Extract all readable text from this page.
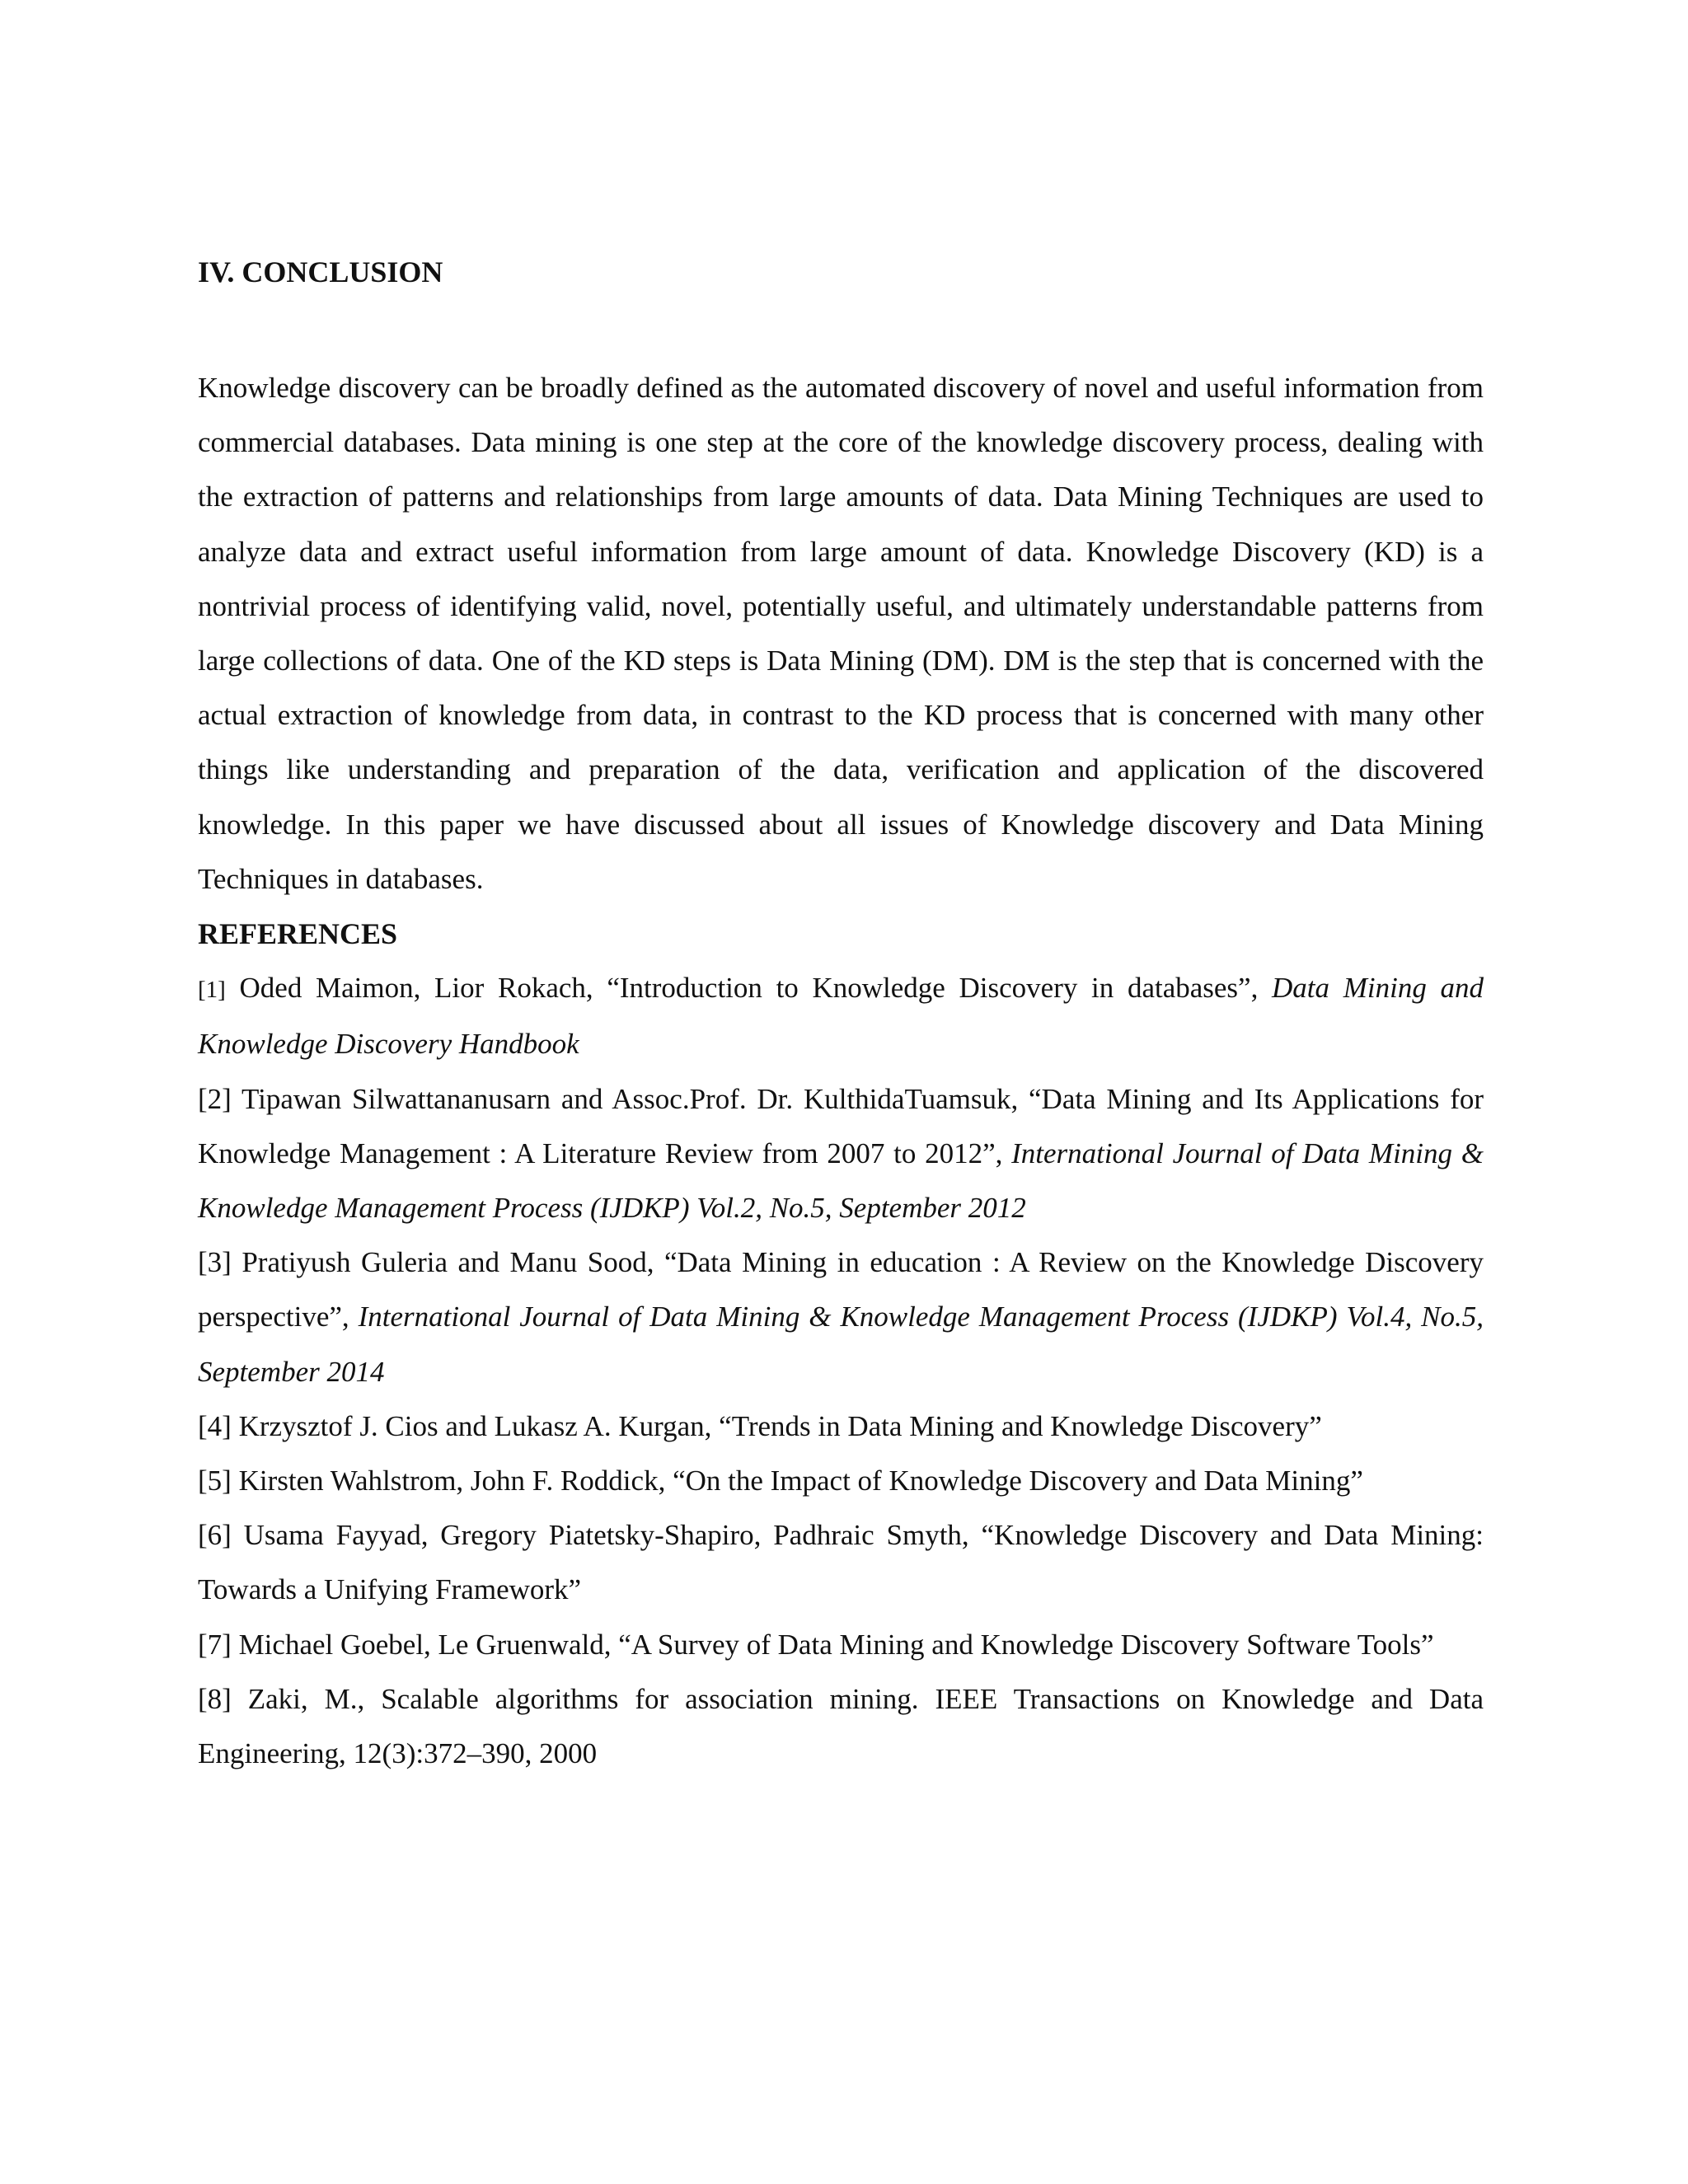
IV. CONCLUSION

Knowledge discovery can be broadly defined as the automated discovery of novel and useful information from commercial databases. Data mining is one step at the core of the knowledge discovery process, dealing with the extraction of patterns and relationships from large amounts of data. Data Mining Techniques are used to analyze data and extract useful information from large amount of data. Knowledge Discovery (KD) is a nontrivial process of identifying valid, novel, potentially useful, and ultimately understandable patterns from large collections of data. One of the KD steps is Data Mining (DM). DM is the step that is concerned with the actual extraction of knowledge from data, in contrast to the KD process that is concerned with many other things like understanding and preparation of the data, verification and application of the discovered knowledge. In this paper we have discussed about all issues of Knowledge discovery and Data Mining Techniques in databases.

REFERENCES
[1] Oded Maimon, Lior Rokach, “Introduction to Knowledge Discovery in databases”, Data Mining and Knowledge Discovery Handbook
[2] Tipawan Silwattananusarn and Assoc.Prof. Dr. KulthidaTuamsuk, “Data Mining and Its Applications for Knowledge Management : A Literature Review from 2007 to 2012”, International Journal of Data Mining & Knowledge Management Process (IJDKP) Vol.2, No.5, September 2012
[3] Pratiyush Guleria and Manu Sood, “Data Mining in education : A Review on the Knowledge Discovery perspective”, International Journal of Data Mining & Knowledge Management Process (IJDKP) Vol.4, No.5, September 2014
[4] Krzysztof J. Cios and Lukasz A. Kurgan, “Trends in Data Mining and Knowledge Discovery”
[5] Kirsten Wahlstrom, John F. Roddick, “On the Impact of Knowledge Discovery and Data Mining”
[6] Usama Fayyad, Gregory Piatetsky-Shapiro, Padhraic Smyth, “Knowledge Discovery and Data Mining: Towards a Unifying Framework”
[7] Michael Goebel, Le Gruenwald, “A Survey of Data Mining and Knowledge Discovery Software Tools”
[8] Zaki, M., Scalable algorithms for association mining. IEEE Transactions on Knowledge and Data Engineering, 12(3):372–390, 2000
